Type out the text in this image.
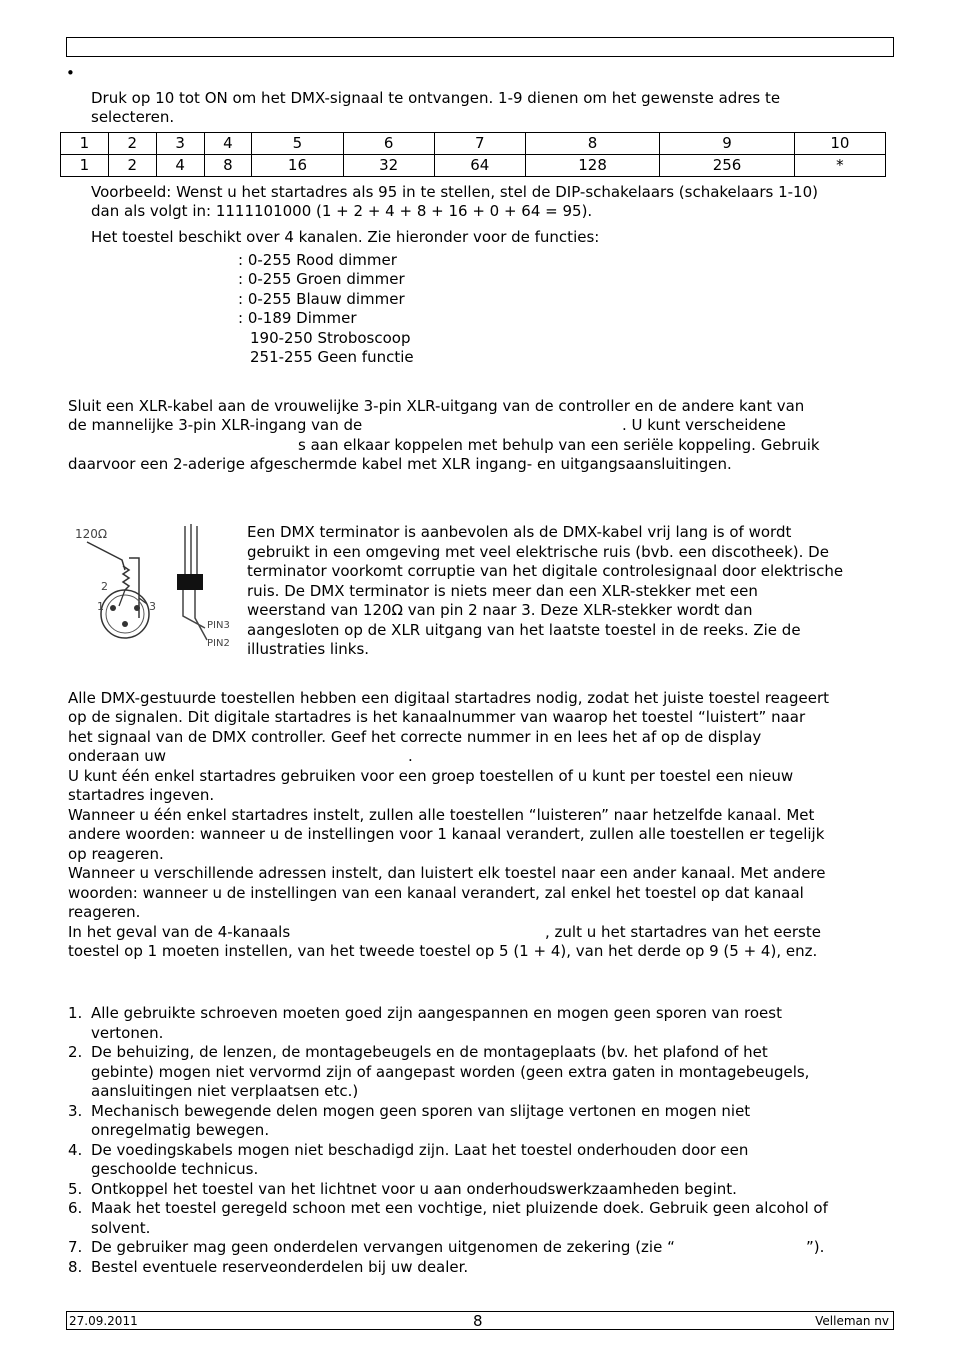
•
Druk op 10 tot ON om het DMX-signaal te ontvangen. 1-9 dienen om het gewenste adres te
selecteren.
1	2	3	4	5	6	7	8	9	10
1	2	4	8	16	32	64	128	256	*
Voorbeeld: Wenst u het startadres als 95 in te stellen, stel de DIP-schakelaars (schakelaars 1-10)
dan als volgt in: 1111101000 (1 + 2 + 4 + 8 + 16 + 0 + 64 = 95).
Het toestel beschikt over 4 kanalen. Zie hieronder voor de functies:
: 0-255 Rood dimmer
: 0-255 Groen dimmer
: 0-255 Blauw dimmer
: 0-189 Dimmer
190-250 Stroboscoop
251-255 Geen functie
Sluit een XLR-kabel aan de vrouwelijke 3-pin XLR-uitgang van de controller en de andere kant van
de mannelijke 3-pin XLR-ingang van de	. U kunt verscheidene
s aan elkaar koppelen met behulp van een seriële koppeling. Gebruik
daarvoor een 2-aderige afgeschermde kabel met XLR ingang- en uitgangsaansluitingen.
120Ω
2
1	3
PIN3
PIN2
Een DMX terminator is aanbevolen als de DMX-kabel vrij lang is of wordt
gebruikt in een omgeving met veel elektrische ruis (bvb. een discotheek). De
terminator voorkomt corruptie van het digitale controlesignaal door elektrische
ruis. De DMX terminator is niets meer dan een XLR-stekker met een
weerstand van 120Ω van pin 2 naar 3. Deze XLR-stekker wordt dan
aangesloten op de XLR uitgang van het laatste toestel in de reeks. Zie de
illustraties links.
Alle DMX-gestuurde toestellen hebben een digitaal startadres nodig, zodat het juiste toestel reageert
op de signalen. Dit digitale startadres is het kanaalnummer van waarop het toestel “luistert” naar
het signaal van de DMX controller. Geef het correcte nummer in en lees het af op de display
onderaan uw	.
U kunt één enkel startadres gebruiken voor een groep toestellen of u kunt per toestel een nieuw
startadres ingeven.
Wanneer u één enkel startadres instelt, zullen alle toestellen “luisteren” naar hetzelfde kanaal. Met
andere woorden: wanneer u de instellingen voor 1 kanaal verandert, zullen alle toestellen er tegelijk
op reageren.
Wanneer u verschillende adressen instelt, dan luistert elk toestel naar een ander kanaal. Met andere
woorden: wanneer u de instellingen van een kanaal verandert, zal enkel het toestel op dat kanaal
reageren.
In het geval van de 4-kanaals	, zult u het startadres van het eerste
toestel op 1 moeten instellen, van het tweede toestel op 5 (1 + 4), van het derde op 9 (5 + 4), enz.
1. Alle gebruikte schroeven moeten goed zijn aangespannen en mogen geen sporen van roest
vertonen.
2. De behuizing, de lenzen, de montagebeugels en de montageplaats (bv. het plafond of het
gebinte) mogen niet vervormd zijn of aangepast worden (geen extra gaten in montagebeugels,
aansluitingen niet verplaatsen etc.)
3. Mechanisch bewegende delen mogen geen sporen van slijtage vertonen en mogen niet
onregelmatig bewegen.
4. De voedingskabels mogen niet beschadigd zijn. Laat het toestel onderhouden door een
geschoolde technicus.
5. Ontkoppel het toestel van het lichtnet voor u aan onderhoudswerkzaamheden begint.
6. Maak het toestel geregeld schoon met een vochtige, niet pluizende doek. Gebruik geen alcohol of
solvent.
7. De gebruiker mag geen onderdelen vervangen uitgenomen de zekering (zie “	”).
8. Bestel eventuele reserveonderdelen bij uw dealer.
27.09.2011	8	Velleman nv
